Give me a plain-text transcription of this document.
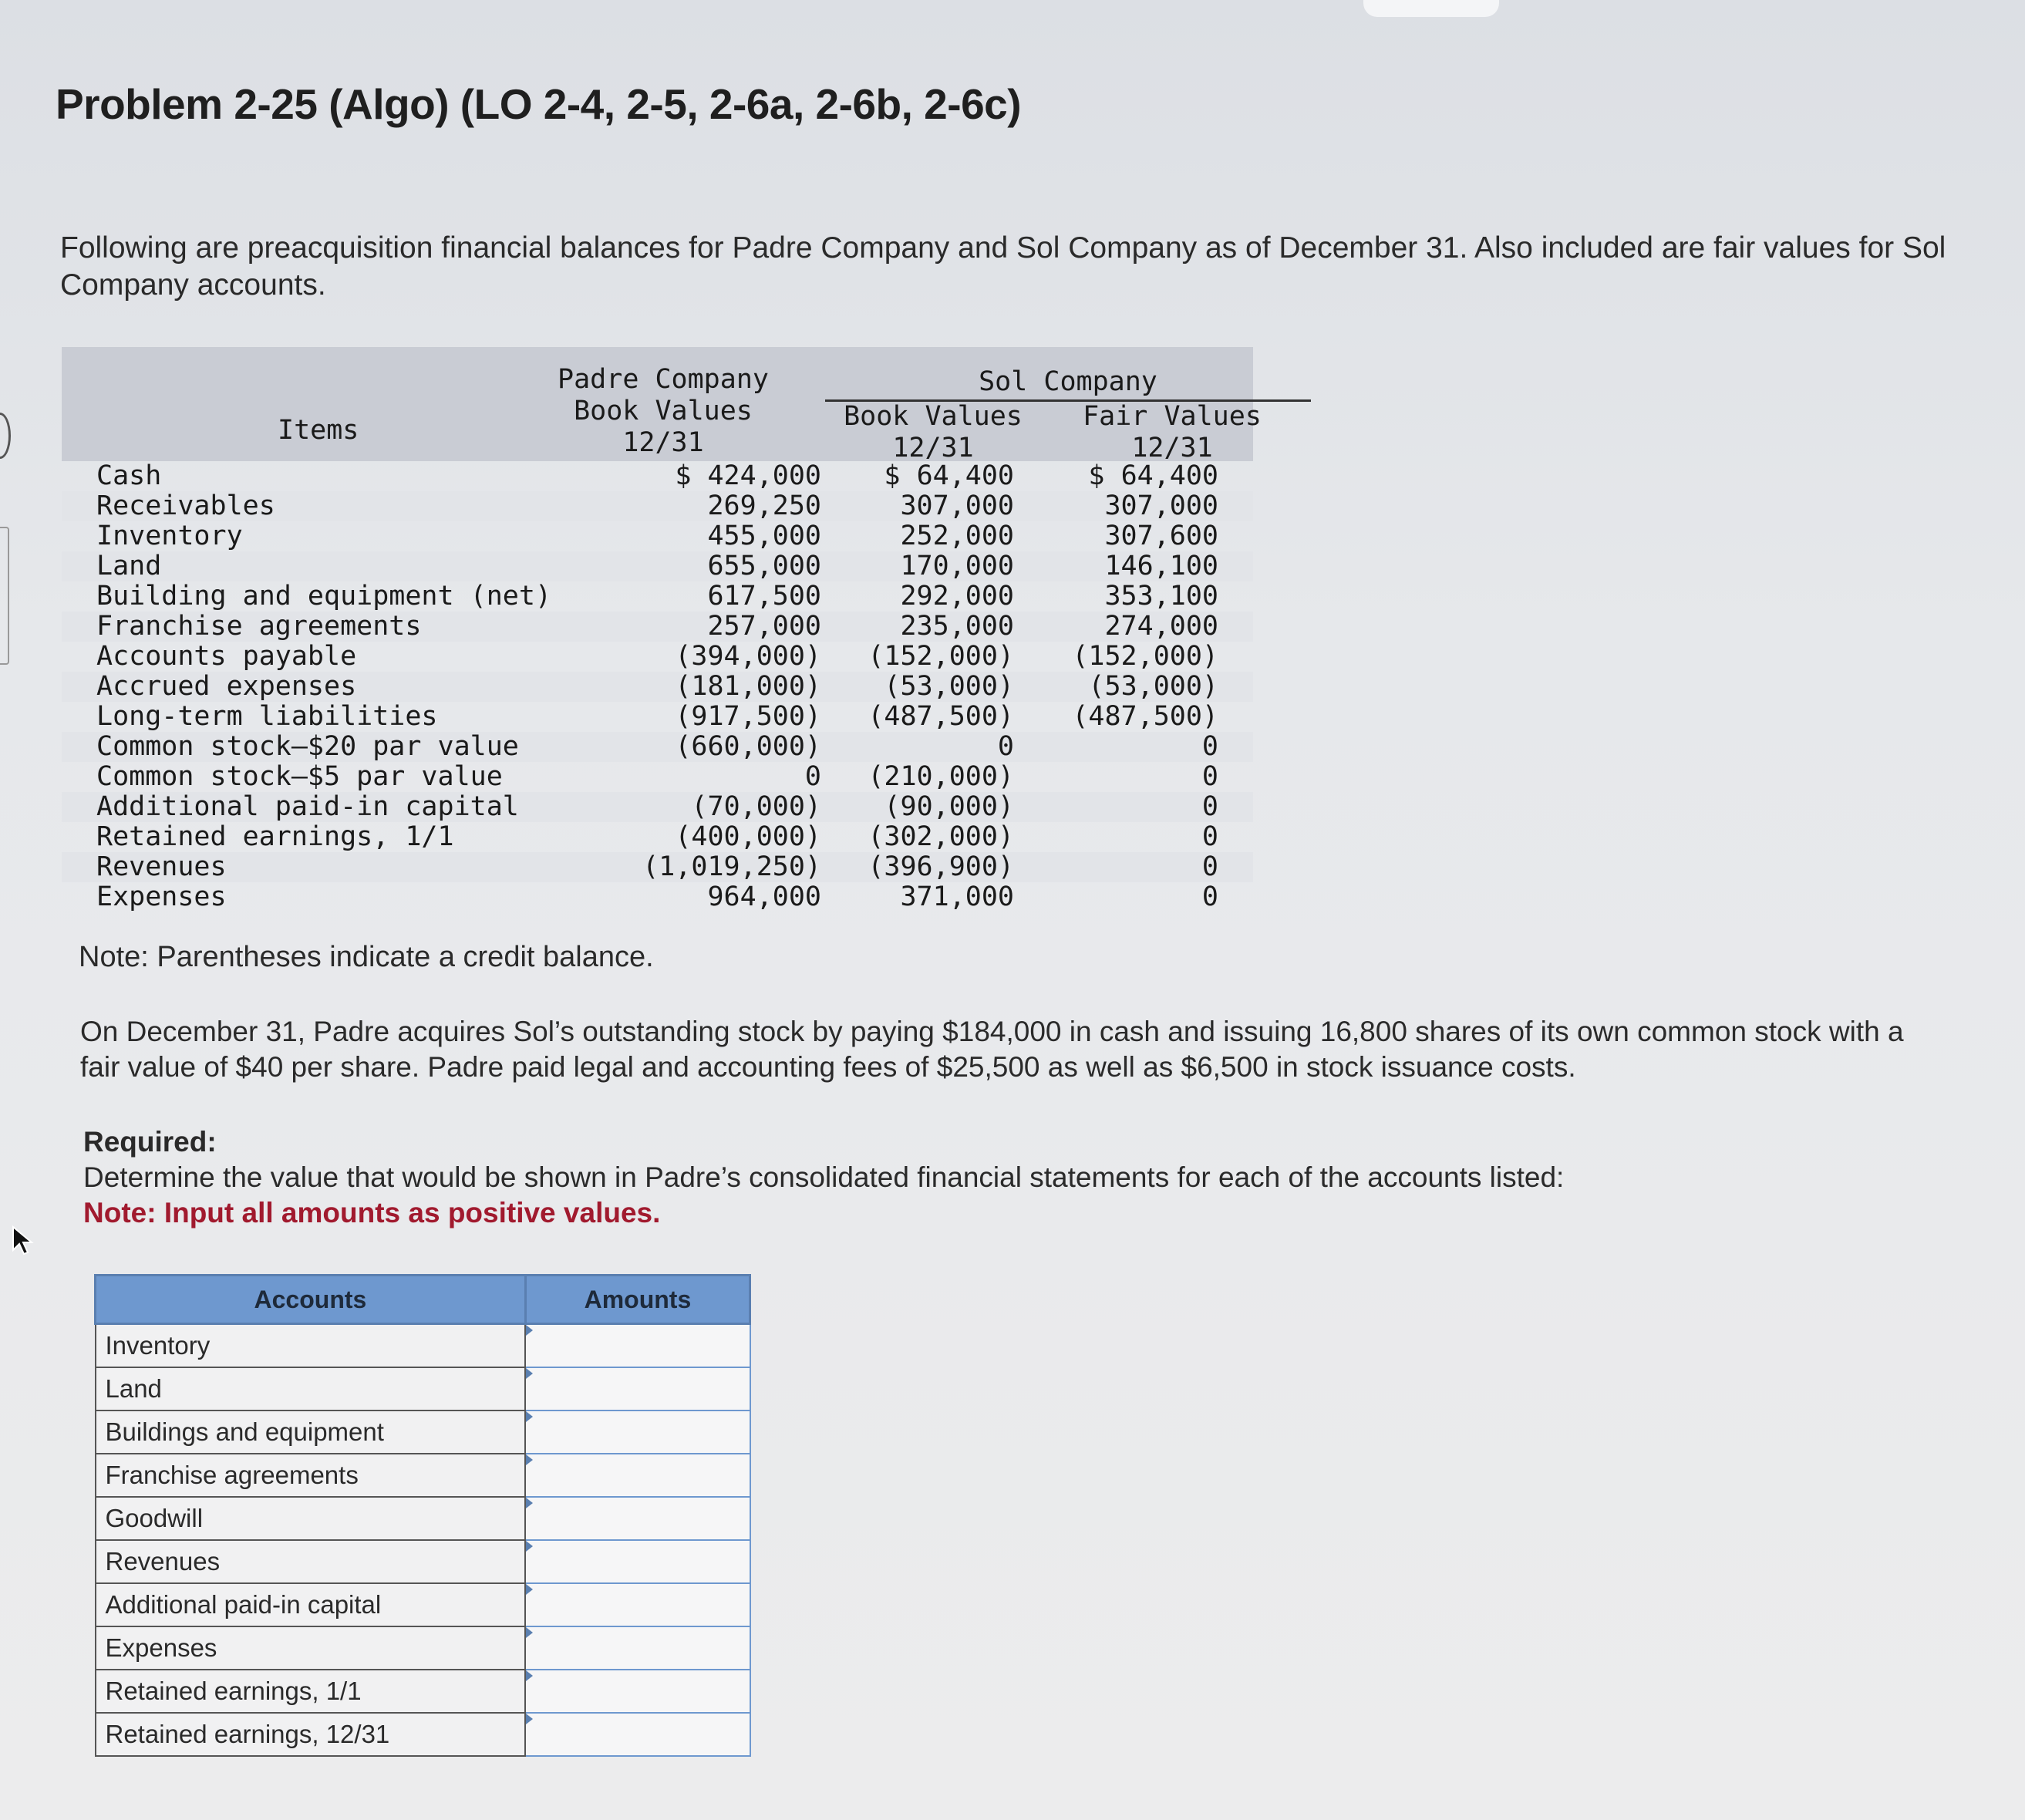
Problem 2-25 (Algo) (LO 2-4, 2-5, 2-6a, 2-6b, 2-6c)
Following are preacquisition financial balances for Padre Company and Sol Company as of December 31. Also included are fair values for Sol Company accounts.
Items
Padre Company
Book Values
12/31
Sol Company
Book Values
12/31
Fair Values
12/31
Cash	$ 424,000 $ 64,400	$ 64,400
Receivables	269,250	307,000	307,000
Inventory	455,000	252,000	307,600
Land	655,000	170,000	146,100
Building and equipment (net)	617,500	292,000	353,100
Franchise agreements	257,000	235,000	274,000
Accounts payable	(394,000) (152,000) (152,000)
Accrued expenses	(181,000) (53,000)	(53,000)
Long-term liabilities	(917,500) (487,500) (487,500)
Common stock–$20 par value	(660,000)	0	0
Common stock–$5 par value	0 (210,000)	0
Additional paid-in capital	(70,000) (90,000)	0
Retained earnings, 1/1	(400,000) (302,000)	0
Revenues	(1,019,250) (396,900)	0
Expenses	964,000	371,000	0
Note: Parentheses indicate a credit balance.
On December 31, Padre acquires Sol’s outstanding stock by paying $184,000 in cash and issuing 16,800 shares of its own common stock with a fair value of $40 per share. Padre paid legal and accounting fees of $25,500 as well as $6,500 in stock issuance costs.
Required:
Determine the value that would be shown in Padre’s consolidated financial statements for each of the accounts listed:
Note: Input all amounts as positive values.
Accounts	Amounts
Inventory	

Land	

Buildings and equipment	

Franchise agreements	

Goodwill	

Revenues	

Additional paid-in capital	

Expenses	

Retained earnings, 1/1	

Retained earnings, 12/31	
